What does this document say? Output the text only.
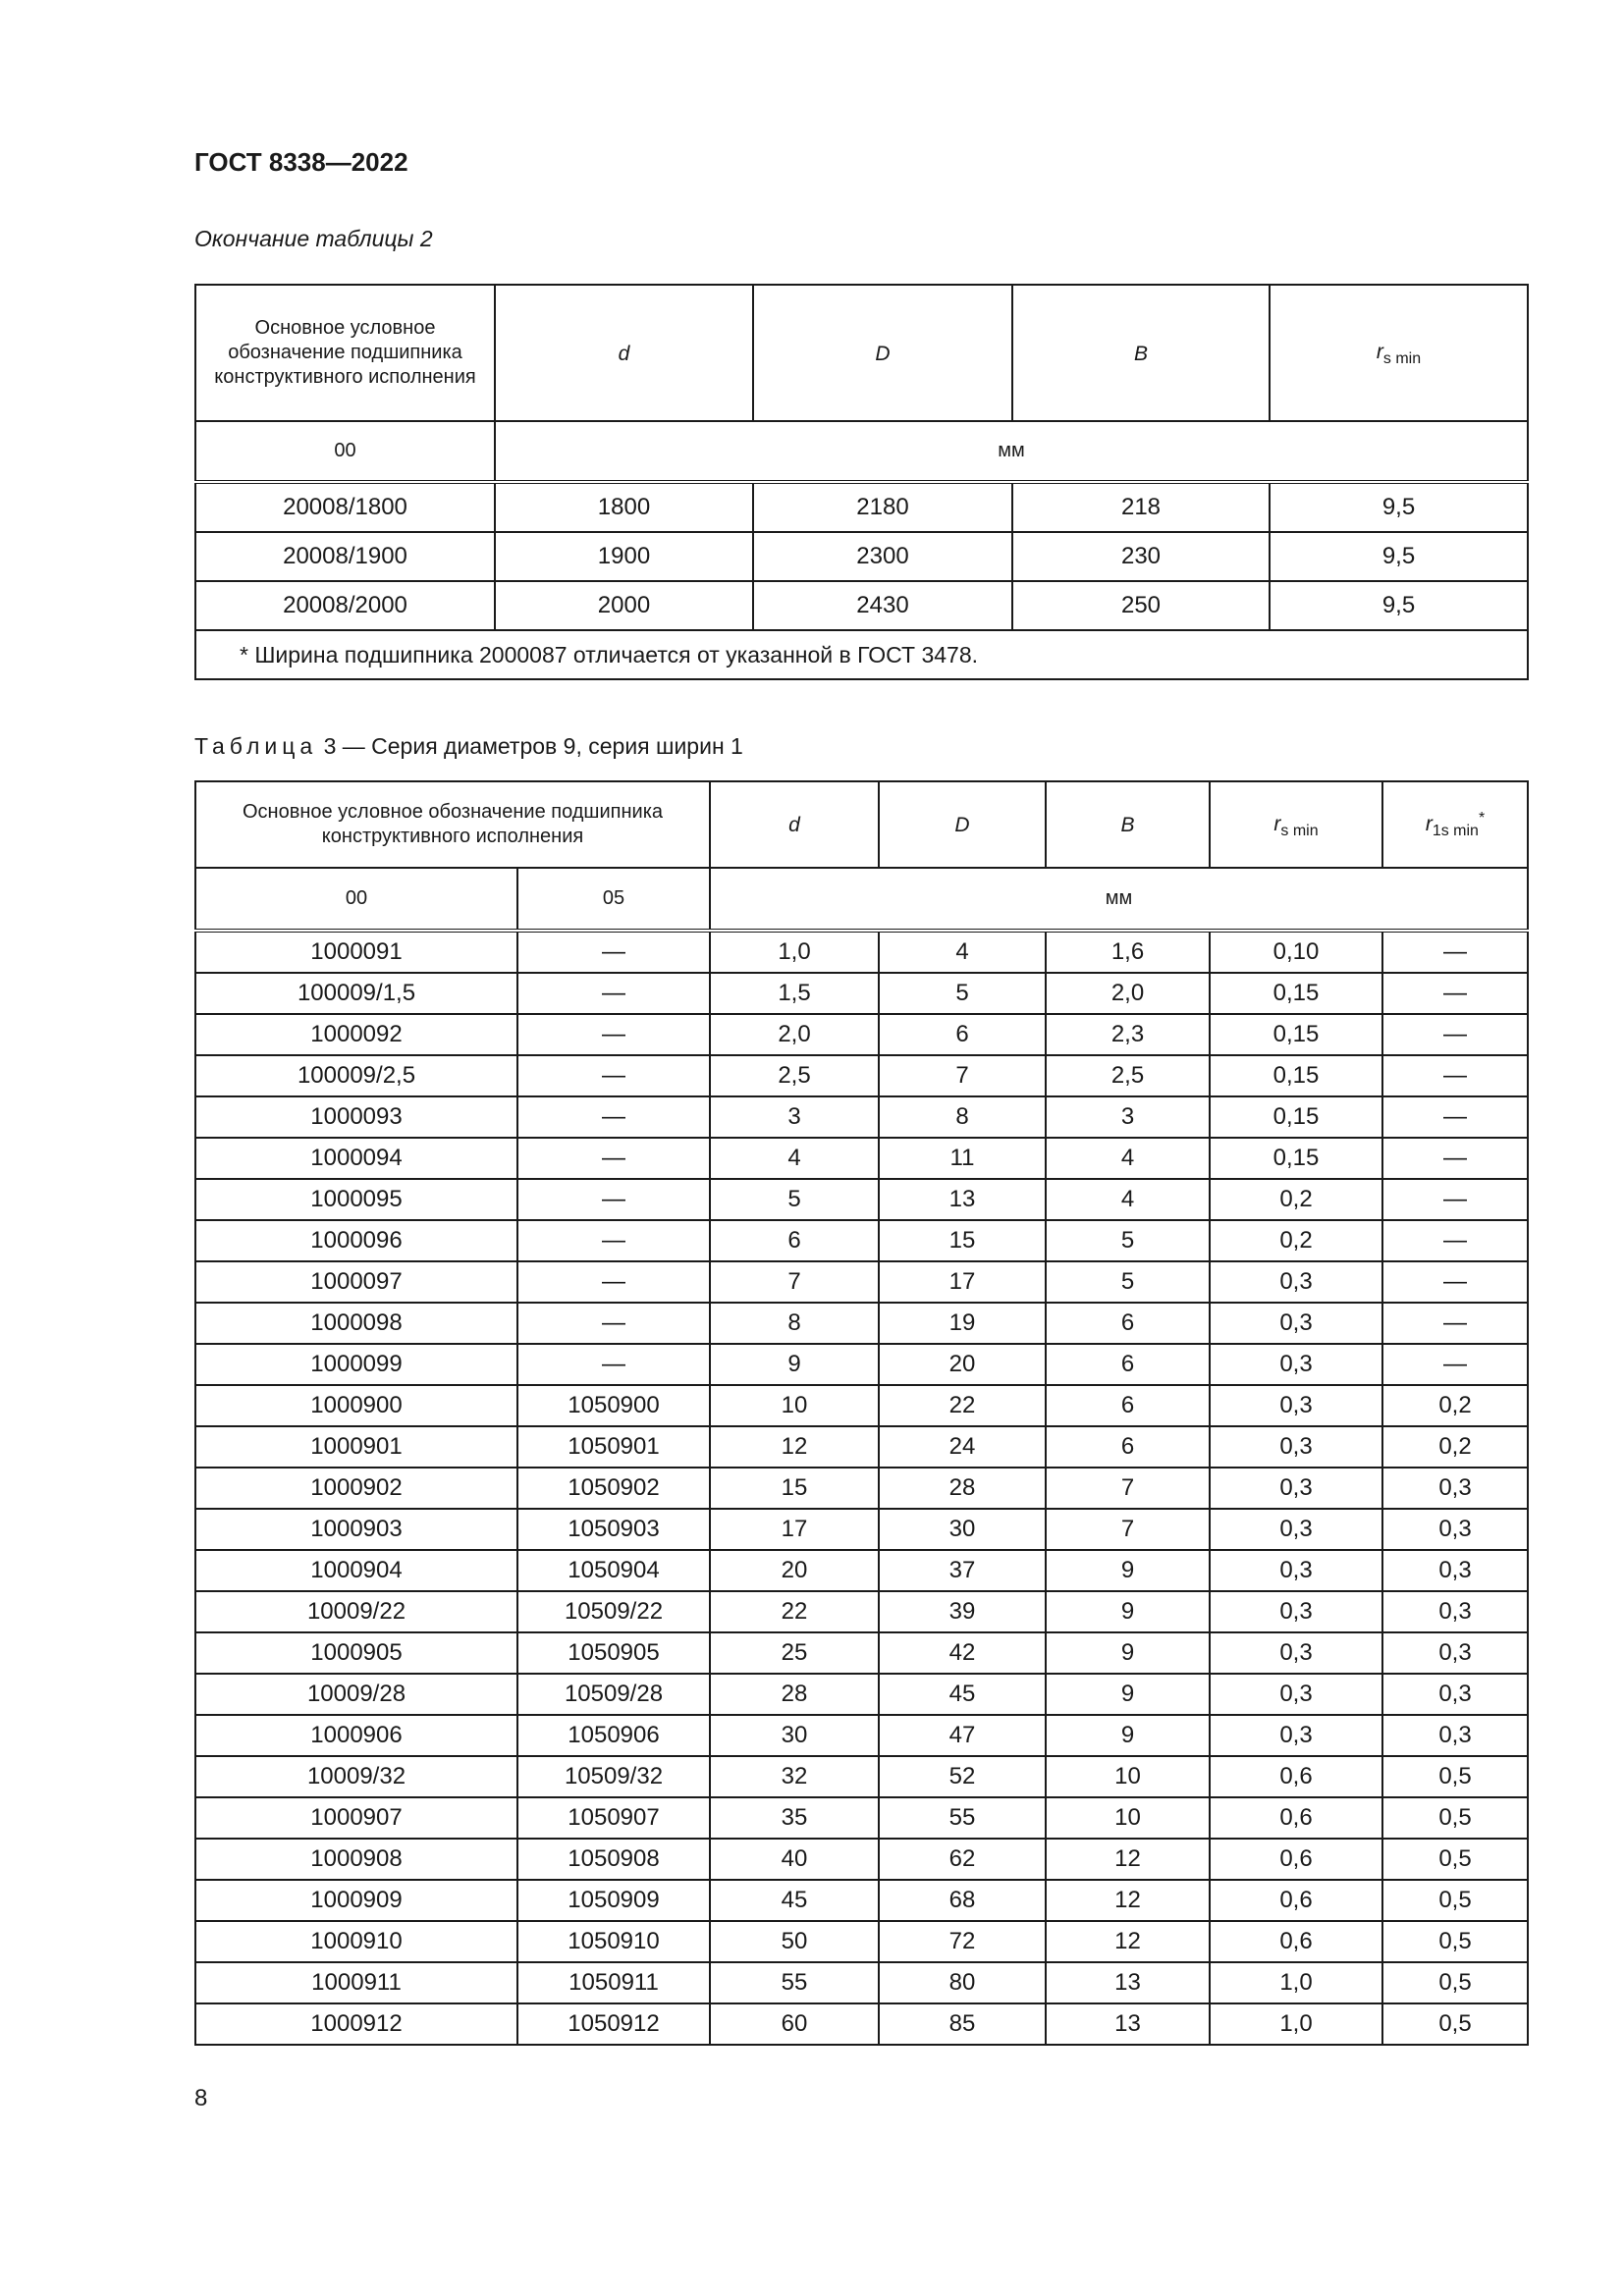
ГОСТ 8338—2022
Окончание таблицы 2
Основное условное обозначение подшипника конструктивного исполнения	d	D	B	$r_{s min}$
00	мм			
20008/1800	1800	2180	218	9,5
20008/1900	1900	2300	230	9,5
20008/2000	2000	2430	250	9,5
* Ширина подшипника 2000087 отличается от указанной в ГОСТ 3478.				
Таблица 3 — Серия диаметров 9, серия ширин 1
Основное условное обозначение подшипника конструктивного исполнения		d	D	B	$r_{s min}$	$r_{1s min}^*$
00	05	мм				
1000091	—	1,0	4	1,6	0,10	—
100009/1,5	—	1,5	5	2,0	0,15	—
1000092	—	2,0	6	2,3	0,15	—
100009/2,5	—	2,5	7	2,5	0,15	—
1000093	—	3	8	3	0,15	—
1000094	—	4	11	4	0,15	—
1000095	—	5	13	4	0,2	—
1000096	—	6	15	5	0,2	—
1000097	—	7	17	5	0,3	—
1000098	—	8	19	6	0,3	—
1000099	—	9	20	6	0,3	—
1000900	1050900	10	22	6	0,3	0,2
1000901	1050901	12	24	6	0,3	0,2
1000902	1050902	15	28	7	0,3	0,3
1000903	1050903	17	30	7	0,3	0,3
1000904	1050904	20	37	9	0,3	0,3
10009/22	10509/22	22	39	9	0,3	0,3
1000905	1050905	25	42	9	0,3	0,3
10009/28	10509/28	28	45	9	0,3	0,3
1000906	1050906	30	47	9	0,3	0,3
10009/32	10509/32	32	52	10	0,6	0,5
1000907	1050907	35	55	10	0,6	0,5
1000908	1050908	40	62	12	0,6	0,5
1000909	1050909	45	68	12	0,6	0,5
1000910	1050910	50	72	12	0,6	0,5
1000911	1050911	55	80	13	1,0	0,5
1000912	1050912	60	85	13	1,0	0,5
8
